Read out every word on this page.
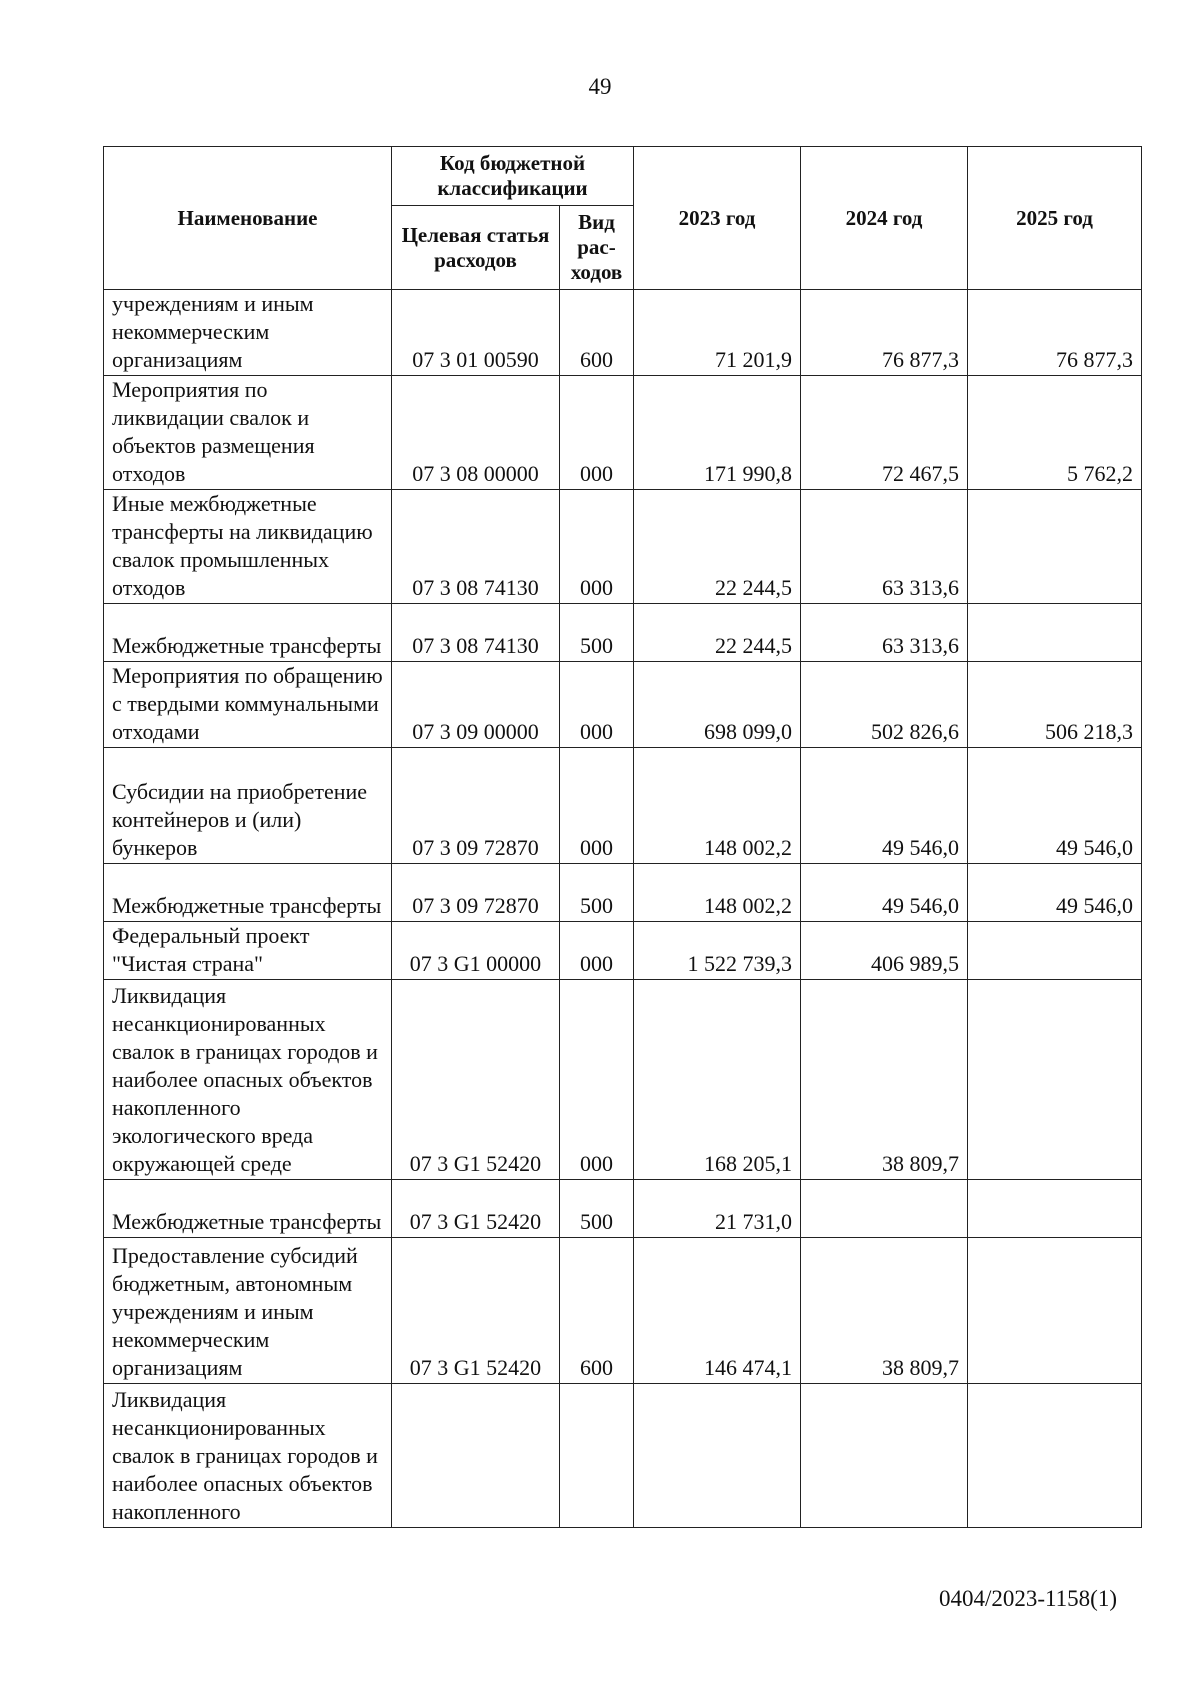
49
Наименование	Код бюджетной классификации		2023 год	2024 год	2025 год
	Целевая статья расходов	Вид рас-ходов			
учреждениям и иным некоммерческим организациям	07 3 01 00590	600	71 201,9	76 877,3	76 877,3
Мероприятия по ликвидации свалок и объектов размещения отходов	07 3 08 00000	000	171 990,8	72 467,5	5 762,2
Иные межбюджетные трансферты на ликвидацию свалок промышленных отходов	07 3 08 74130	000	22 244,5	63 313,6	
Межбюджетные трансферты	07 3 08 74130	500	22 244,5	63 313,6	
Мероприятия по обращению с твердыми коммунальными отходами	07 3 09 00000	000	698 099,0	502 826,6	506 218,3
Субсидии на приобретение контейнеров и (или) бункеров	07 3 09 72870	000	148 002,2	49 546,0	49 546,0
Межбюджетные трансферты	07 3 09 72870	500	148 002,2	49 546,0	49 546,0
Федеральный проект "Чистая страна"	07 3 G1 00000	000	1 522 739,3	406 989,5	
Ликвидация несанкционированных свалок в границах городов и наиболее опасных объектов накопленного экологического вреда окружающей среде	07 3 G1 52420	000	168 205,1	38 809,7	
Межбюджетные трансферты	07 3 G1 52420	500	21 731,0		
Предоставление субсидий бюджетным, автономным учреждениям и иным некоммерческим организациям	07 3 G1 52420	600	146 474,1	38 809,7	
Ликвидация несанкционированных свалок в границах городов и наиболее опасных объектов накопленного					
0404/2023-1158(1)
